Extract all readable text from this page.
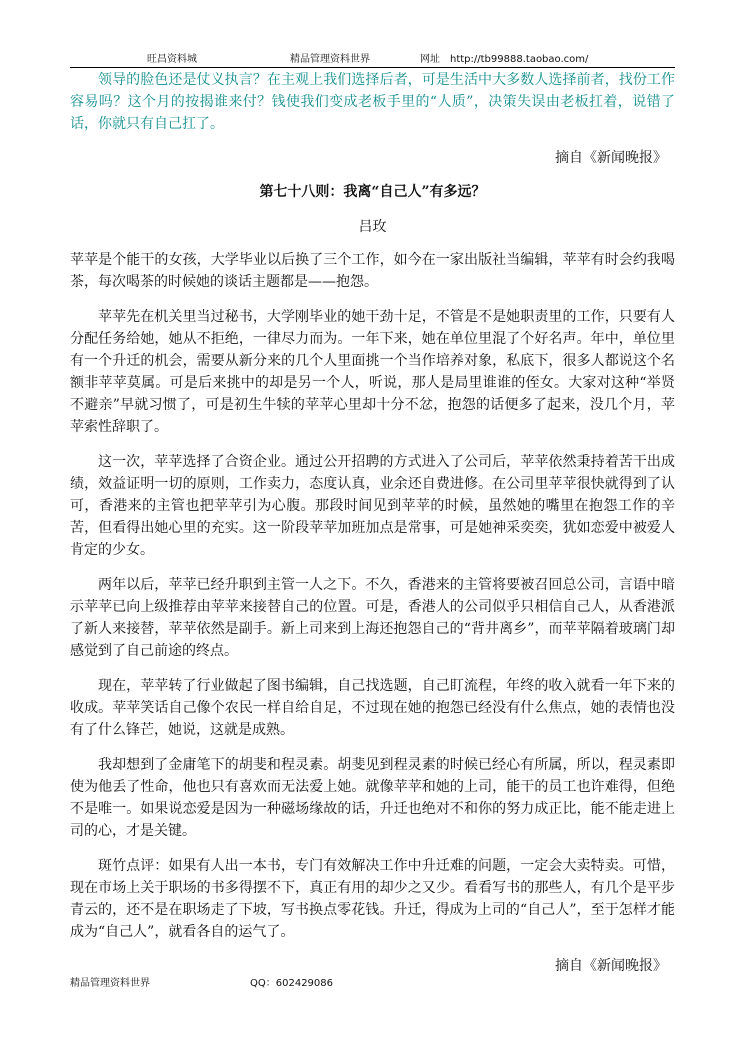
旺昌资料城	精品管理资料世界	网址　http://tb99888.taobao.com/

领导的脸色还是仗义执言？在主观上我们选择后者，可是生活中大多数人选择前者，找份工作容易吗？这个月的按揭谁来付？钱使我们变成老板手里的“人质”，决策失误由老板扛着，说错了话，你就只有自己扛了。

摘自《新闻晚报》
第七十八则：我离“自己人”有多远？
吕玫

苹苹是个能干的女孩，大学毕业以后换了三个工作，如今在一家出版社当编辑，苹苹有时会约我喝茶，每次喝茶的时候她的谈话主题都是——抱怨。

苹苹先在机关里当过秘书，大学刚毕业的她干劲十足，不管是不是她职责里的工作，只要有人分配任务给她，她从不拒绝，一律尽力而为。一年下来，她在单位里混了个好名声。年中，单位里有一个升迁的机会，需要从新分来的几个人里面挑一个当作培养对象，私底下，很多人都说这个名额非苹苹莫属。可是后来挑中的却是另一个人，听说，那人是局里谁谁的侄女。大家对这种“举贤不避亲”早就习惯了，可是初生牛犊的苹苹心里却十分不忿，抱怨的话便多了起来，没几个月，苹苹索性辞职了。

这一次，苹苹选择了合资企业。通过公开招聘的方式进入了公司后，苹苹依然秉持着苦干出成绩，效益证明一切的原则，工作卖力，态度认真，业余还自费进修。在公司里苹苹很快就得到了认可，香港来的主管也把苹苹引为心腹。那段时间见到苹苹的时候，虽然她的嘴里在抱怨工作的辛苦，但看得出她心里的充实。这一阶段苹苹加班加点是常事，可是她神采奕奕，犹如恋爱中被爱人肯定的少女。

两年以后，苹苹已经升职到主管一人之下。不久，香港来的主管将要被召回总公司，言语中暗示苹苹已向上级推荐由苹苹来接替自己的位置。可是，香港人的公司似乎只相信自己人，从香港派了新人来接替，苹苹依然是副手。新上司来到上海还抱怨自己的“背井离乡”，而苹苹隔着玻璃门却感觉到了自己前途的终点。

现在，苹苹转了行业做起了图书编辑，自己找选题，自己盯流程，年终的收入就看一年下来的收成。苹苹笑话自己像个农民一样自给自足，不过现在她的抱怨已经没有什么焦点，她的表情也没有了什么锋芒，她说，这就是成熟。

我却想到了金庸笔下的胡斐和程灵素。胡斐见到程灵素的时候已经心有所属，所以，程灵素即使为他丢了性命，他也只有喜欢而无法爱上她。就像苹苹和她的上司，能干的员工也许难得，但绝不是唯一。如果说恋爱是因为一种磁场缘故的话，升迁也绝对不和你的努力成正比，能不能走进上司的心，才是关键。

斑竹点评：如果有人出一本书，专门有效解决工作中升迁难的问题，一定会大卖特卖。可惜，现在市场上关于职场的书多得摆不下，真正有用的却少之又少。看看写书的那些人，有几个是平步青云的，还不是在职场走了下坡，写书换点零花钱。升迁，得成为上司的“自己人”，至于怎样才能成为“自己人”，就看各自的运气了。

摘自《新闻晚报》
精品管理资料世界	QQ：602429086
